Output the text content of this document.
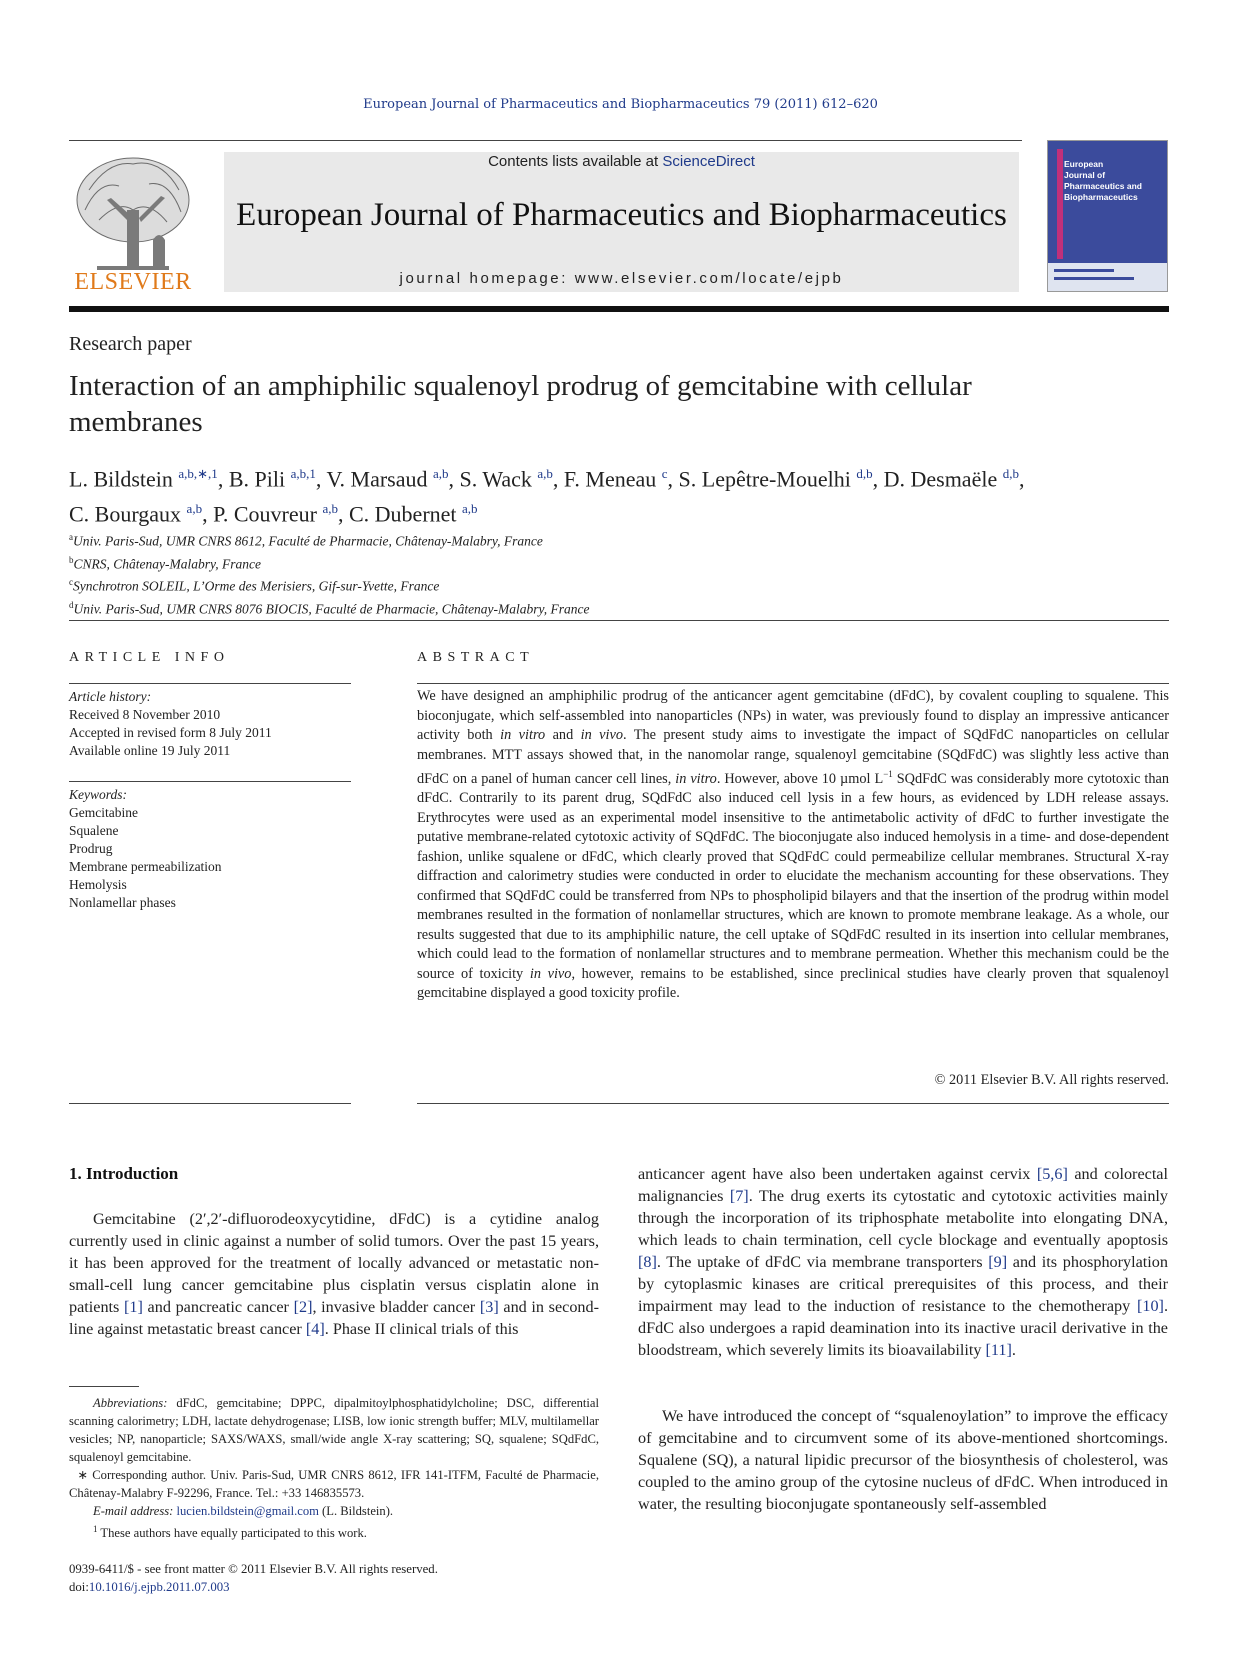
European Journal of Pharmaceutics and Biopharmaceutics 79 (2011) 612–620
ELSEVIER
Contents lists available at ScienceDirect
European Journal of Pharmaceutics and Biopharmaceutics
journal homepage: www.elsevier.com/locate/ejpb
European
Journal of
Pharmaceutics and
Biopharmaceutics
Research paper
Interaction of an amphiphilic squalenoyl prodrug of gemcitabine with cellular membranes
L. Bildstein $^{a,b,∗,1}$, B. Pili $^{a,b,1}$, V. Marsaud $^{a,b}$, S. Wack $^{a,b}$, F. Meneau $^c$, S. Lepêtre-Mouelhi $^{d,b}$, D. Desmaële $^{d,b}$,
C. Bourgaux $^{a,b}$, P. Couvreur $^{a,b}$, C. Dubernet $^{a,b}$
$^a$Univ. Paris-Sud, UMR CNRS 8612, Faculté de Pharmacie, Châtenay-Malabry, France
$^b$CNRS, Châtenay-Malabry, France
$^c$Synchrotron SOLEIL, L’Orme des Merisiers, Gif-sur-Yvette, France
$^d$Univ. Paris-Sud, UMR CNRS 8076 BIOCIS, Faculté de Pharmacie, Châtenay-Malabry, France
ARTICLE INFO
Article history:
Received 8 November 2010
Accepted in revised form 8 July 2011
Available online 19 July 2011
Keywords:
Gemcitabine
Squalene
Prodrug
Membrane permeabilization
Hemolysis
Nonlamellar phases
ABSTRACT
We have designed an amphiphilic prodrug of the anticancer agent gemcitabine (dFdC), by covalent coupling to squalene. This bioconjugate, which self-assembled into nanoparticles (NPs) in water, was previously found to display an impressive anticancer activity both in vitro and in vivo. The present study aims to investigate the impact of SQdFdC nanoparticles on cellular membranes. MTT assays showed that, in the nanomolar range, squalenoyl gemcitabine (SQdFdC) was slightly less active than dFdC on a panel of human cancer cell lines, in vitro. However, above 10 µmol $L^{-1}$ SQdFdC was considerably more cytotoxic than dFdC. Contrarily to its parent drug, SQdFdC also induced cell lysis in a few hours, as evidenced by LDH release assays. Erythrocytes were used as an experimental model insensitive to the antimetabolic activity of dFdC to further investigate the putative membrane-related cytotoxic activity of SQdFdC. The bioconjugate also induced hemolysis in a time- and dose-dependent fashion, unlike squalene or dFdC, which clearly proved that SQdFdC could permeabilize cellular membranes. Structural X-ray diffraction and calorimetry studies were conducted in order to elucidate the mechanism accounting for these observations. They confirmed that SQdFdC could be transferred from NPs to phospholipid bilayers and that the insertion of the prodrug within model membranes resulted in the formation of nonlamellar structures, which are known to promote membrane leakage. As a whole, our results suggested that due to its amphiphilic nature, the cell uptake of SQdFdC resulted in its insertion into cellular membranes, which could lead to the formation of nonlamellar structures and to membrane permeation. Whether this mechanism could be the source of toxicity in vivo, however, remains to be established, since preclinical studies have clearly proven that squalenoyl gemcitabine displayed a good toxicity profile.
© 2011 Elsevier B.V. All rights reserved.
1. Introduction
Gemcitabine (2′,2′-difluorodeoxycytidine, dFdC) is a cytidine analog currently used in clinic against a number of solid tumors. Over the past 15 years, it has been approved for the treatment of locally advanced or metastatic non-small-cell lung cancer gemcitabine plus cisplatin versus cisplatin alone in patients [1] and pancreatic cancer [2], invasive bladder cancer [3] and in second-line against metastatic breast cancer [4]. Phase II clinical trials of this
anticancer agent have also been undertaken against cervix [5,6] and colorectal malignancies [7]. The drug exerts its cytostatic and cytotoxic activities mainly through the incorporation of its triphosphate metabolite into elongating DNA, which leads to chain termination, cell cycle blockage and eventually apoptosis [8]. The uptake of dFdC via membrane transporters [9] and its phosphorylation by cytoplasmic kinases are critical prerequisites of this process, and their impairment may lead to the induction of resistance to the chemotherapy [10]. dFdC also undergoes a rapid deamination into its inactive uracil derivative in the bloodstream, which severely limits its bioavailability [11].
We have introduced the concept of “squalenoylation” to improve the efficacy of gemcitabine and to circumvent some of its above-mentioned shortcomings. Squalene (SQ), a natural lipidic precursor of the biosynthesis of cholesterol, was coupled to the amino group of the cytosine nucleus of dFdC. When introduced in water, the resulting bioconjugate spontaneously self-assembled

Abbreviations: dFdC, gemcitabine; DPPC, dipalmitoylphosphatidylcholine; DSC, differential scanning calorimetry; LDH, lactate dehydrogenase; LISB, low ionic strength buffer; MLV, multilamellar vesicles; NP, nanoparticle; SAXS/WAXS, small/wide angle X-ray scattering; SQ, squalene; SQdFdC, squalenoyl gemcitabine.

∗ Corresponding author. Univ. Paris-Sud, UMR CNRS 8612, IFR 141-ITFM, Faculté de Pharmacie, Châtenay-Malabry F-92296, France. Tel.: +33 146835573.

E-mail address: lucien.bildstein@gmail.com (L. Bildstein).

$^1$ These authors have equally participated to this work.

0939-6411/$ - see front matter © 2011 Elsevier B.V. All rights reserved.
doi:10.1016/j.ejpb.2011.07.003
